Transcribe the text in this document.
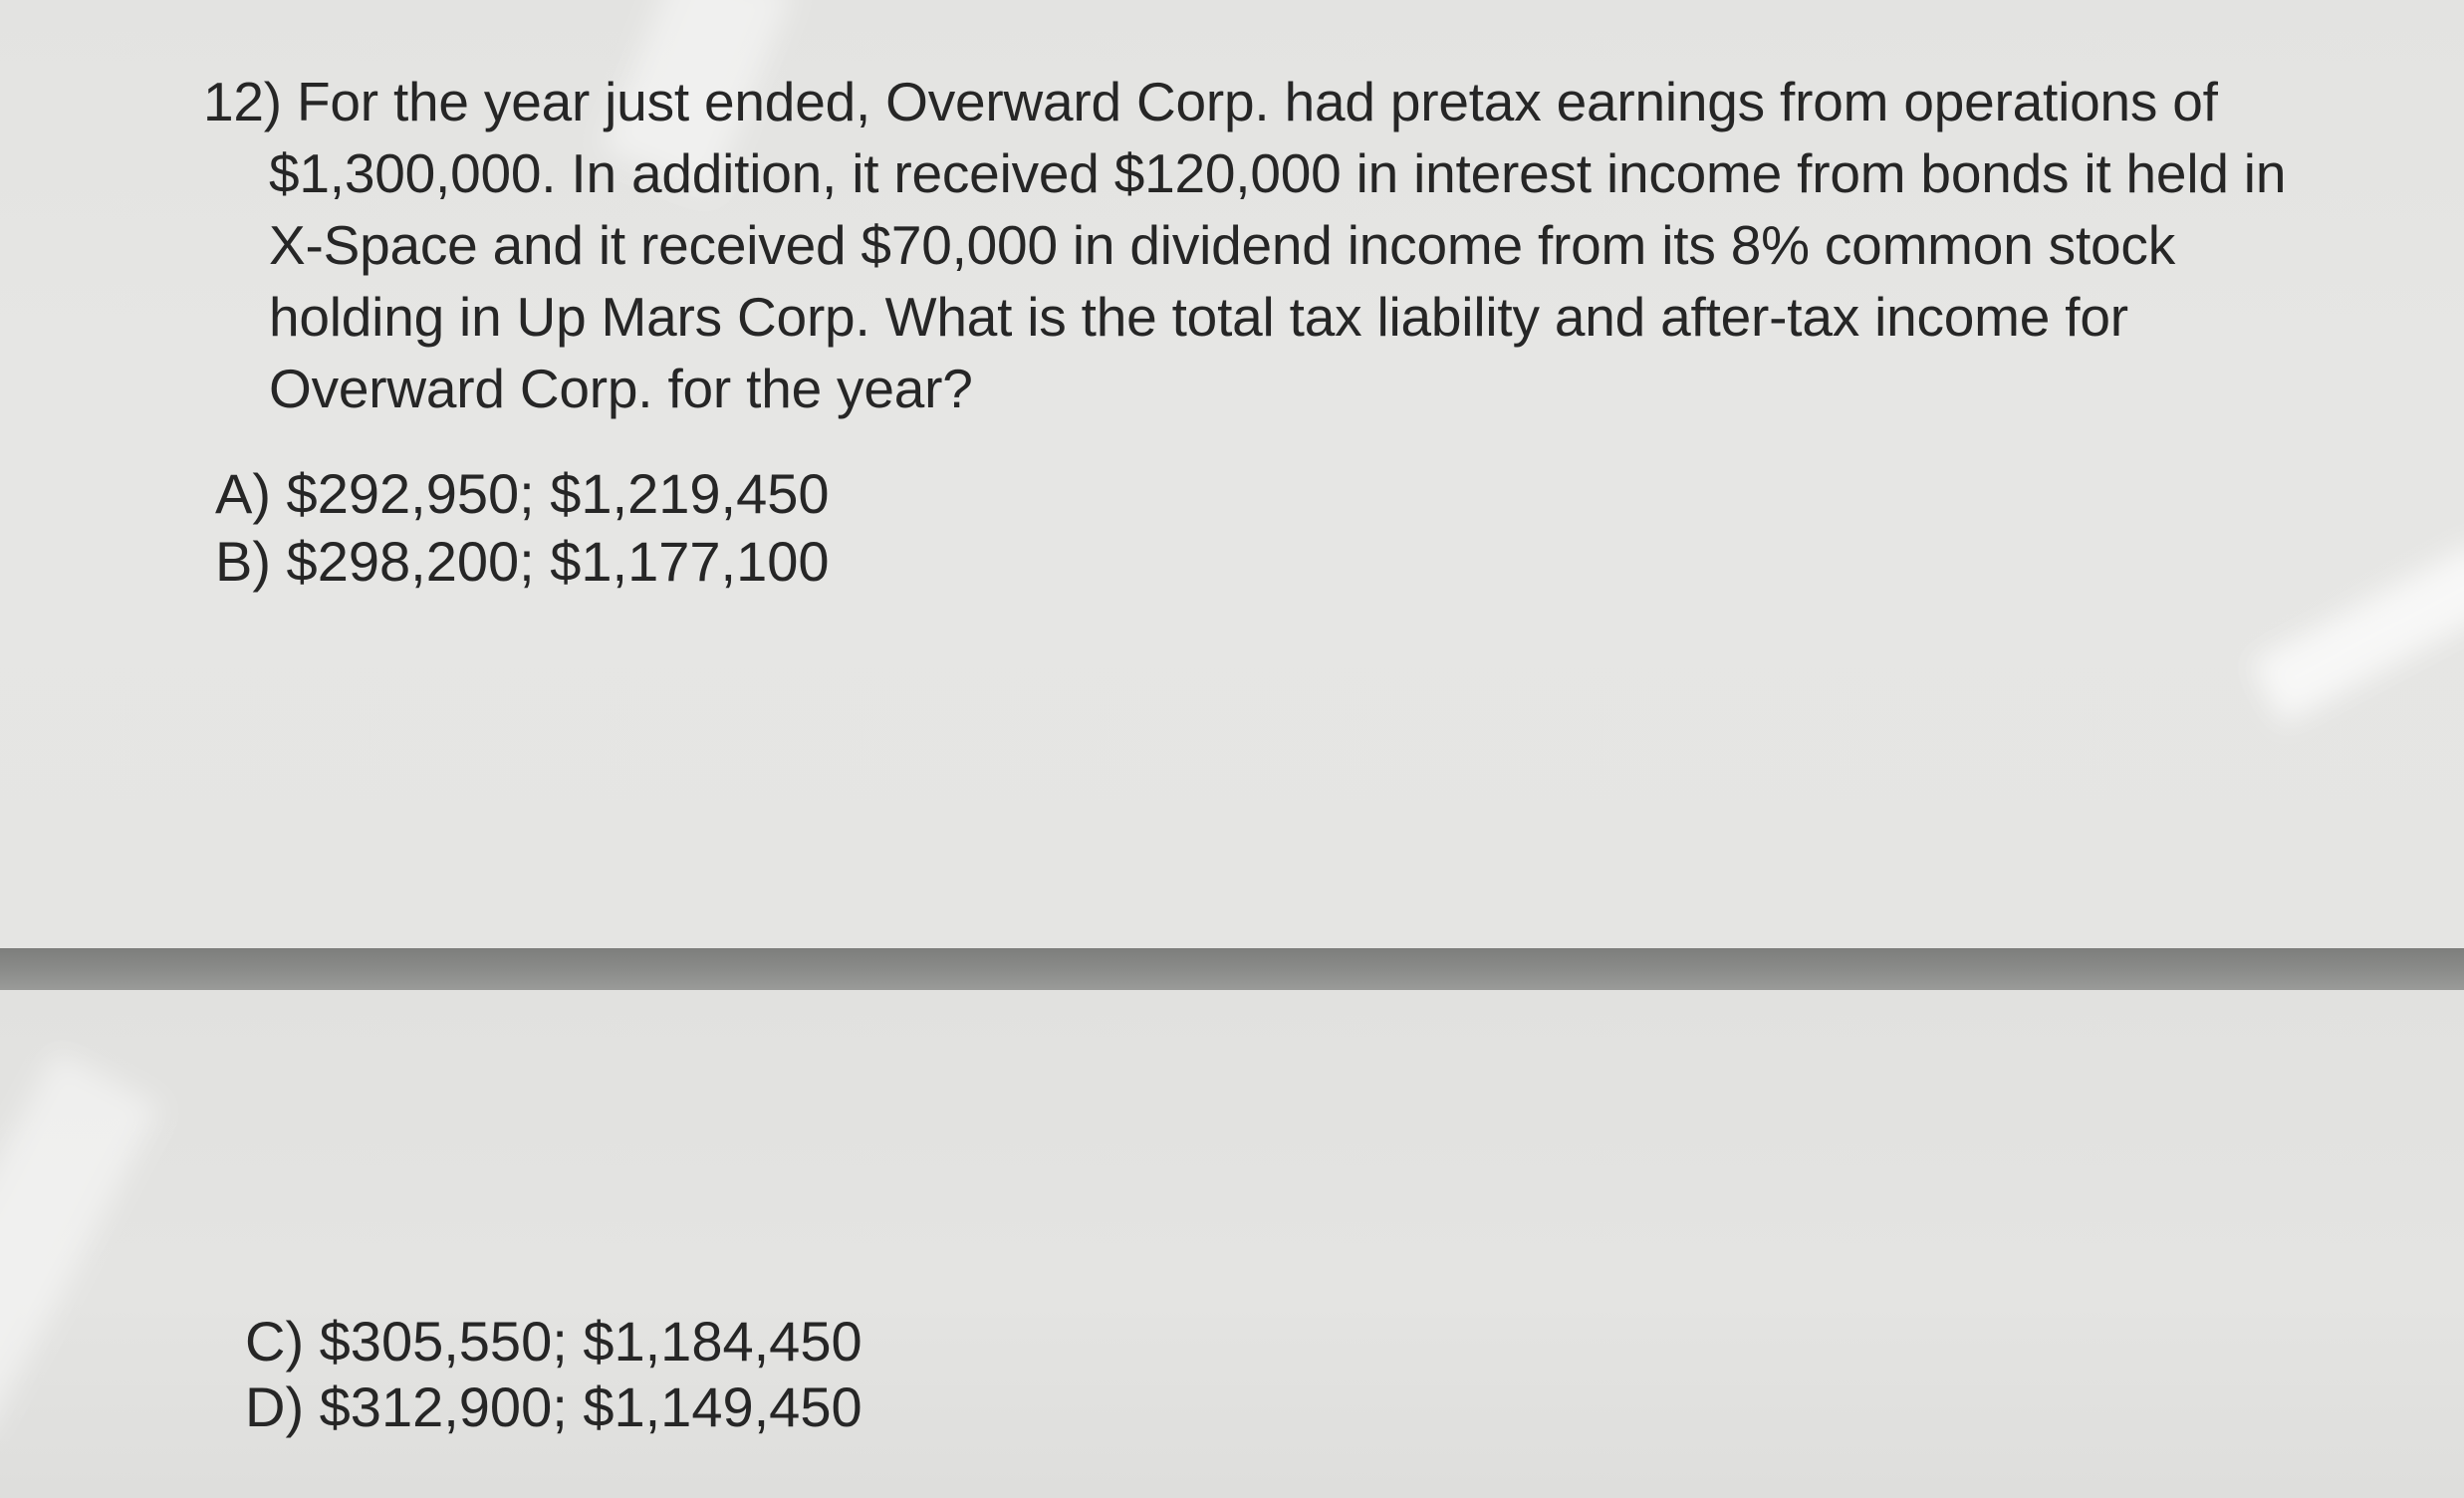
12) For the year just ended, Overward Corp. had pretax earnings from operations of
$1,300,000. In addition, it received $120,000 in interest income from bonds it held in
X-Space and it received $70,000 in dividend income from its 8% common stock
holding in Up Mars Corp. What is the total tax liability and after-tax income for
Overward Corp. for the year?
A) $292,950; $1,219,450
B) $298,200; $1,177,100
C) $305,550; $1,184,450
D) $312,900; $1,149,450
